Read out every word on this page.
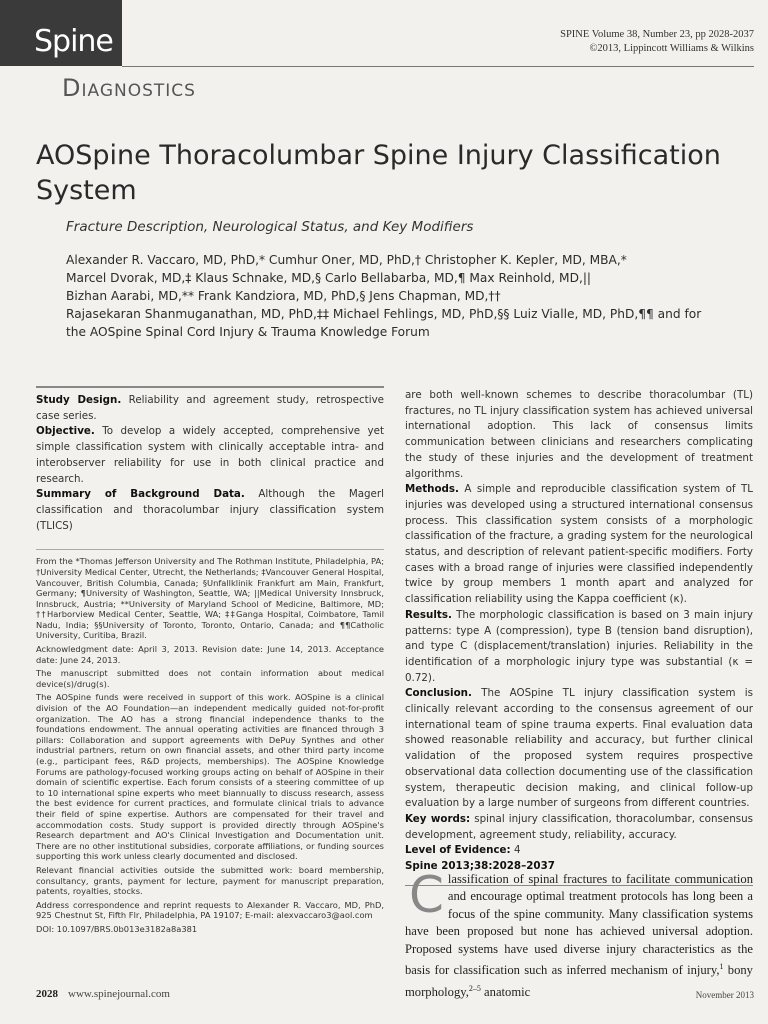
Spine	SPINE Volume 38, Number 23, pp 2028-2037
©2013, Lippincott Williams & Wilkins
DIAGNOSTICS
AOSpine Thoracolumbar Spine Injury Classification System
Fracture Description, Neurological Status, and Key Modifiers
Alexander R. Vaccaro, MD, PhD,* Cumhur Oner, MD, PhD,† Christopher K. Kepler, MD, MBA,*
Marcel Dvorak, MD,‡ Klaus Schnake, MD,§ Carlo Bellabarba, MD,¶ Max Reinhold, MD,||
Bizhan Aarabi, MD,** Frank Kandziora, MD, PhD,§ Jens Chapman, MD,††
Rajasekaran Shanmuganathan, MD, PhD,‡‡ Michael Fehlings, MD, PhD,§§ Luiz Vialle, MD, PhD,¶¶ and for
the AOSpine Spinal Cord Injury & Trauma Knowledge Forum

Study Design. Reliability and agreement study, retrospective case series.

Objective. To develop a widely accepted, comprehensive yet simple classification system with clinically acceptable intra- and interobserver reliability for use in both clinical practice and research.

Summary of Background Data. Although the Magerl classification and thoracolumbar injury classification system (TLICS)

From the *Thomas Jefferson University and The Rothman Institute, Philadelphia, PA; †University Medical Center, Utrecht, the Netherlands; ‡Vancouver General Hospital, Vancouver, British Columbia, Canada; §Unfallklinik Frankfurt am Main, Frankfurt, Germany; ¶University of Washington, Seattle, WA; ||Medical University Innsbruck, Innsbruck, Austria; **University of Maryland School of Medicine, Baltimore, MD; ††Harborview Medical Center, Seattle, WA; ‡‡Ganga Hospital, Coimbatore, Tamil Nadu, India; §§University of Toronto, Toronto, Ontario, Canada; and ¶¶Catholic University, Curitiba, Brazil.

Acknowledgment date: April 3, 2013. Revision date: June 14, 2013. Acceptance date: June 24, 2013.

The manuscript submitted does not contain information about medical device(s)/drug(s).

The AOSpine funds were received in support of this work. AOSpine is a clinical division of the AO Foundation—an independent medically guided not-for-profit organization. The AO has a strong financial independence thanks to the foundations endowment. The annual operating activities are financed through 3 pillars: Collaboration and support agreements with DePuy Synthes and other industrial partners, return on own financial assets, and other third party income (e.g., participant fees, R&D projects, memberships). The AOSpine Knowledge Forums are pathology-focused working groups acting on behalf of AOSpine in their domain of scientific expertise. Each forum consists of a steering committee of up to 10 international spine experts who meet biannually to discuss research, assess the best evidence for current practices, and formulate clinical trials to advance their field of spine expertise. Authors are compensated for their travel and accommodation costs. Study support is provided directly through AOSpine's Research department and AO's Clinical Investigation and Documentation unit. There are no other institutional subsidies, corporate affiliations, or funding sources supporting this work unless clearly documented and disclosed.

Relevant financial activities outside the submitted work: board membership, consultancy, grants, payment for lecture, payment for manuscript preparation, patents, royalties, stocks.

Address correspondence and reprint requests to Alexander R. Vaccaro, MD, PhD, 925 Chestnut St, Fifth Flr, Philadelphia, PA 19107; E-mail: alexvaccaro3@aol.com

DOI: 10.1097/BRS.0b013e3182a8a381

are both well-known schemes to describe thoracolumbar (TL) fractures, no TL injury classification system has achieved universal international adoption. This lack of consensus limits communication between clinicians and researchers complicating the study of these injuries and the development of treatment algorithms.

Methods. A simple and reproducible classification system of TL injuries was developed using a structured international consensus process. This classification system consists of a morphologic classification of the fracture, a grading system for the neurological status, and description of relevant patient-specific modifiers. Forty cases with a broad range of injuries were classified independently twice by group members 1 month apart and analyzed for classification reliability using the Kappa coefficient (κ).

Results. The morphologic classification is based on 3 main injury patterns: type A (compression), type B (tension band disruption), and type C (displacement/translation) injuries. Reliability in the identification of a morphologic injury type was substantial (κ = 0.72).

Conclusion. The AOSpine TL injury classification system is clinically relevant according to the consensus agreement of our international team of spine trauma experts. Final evaluation data showed reasonable reliability and accuracy, but further clinical validation of the proposed system requires prospective observational data collection documenting use of the classification system, therapeutic decision making, and clinical follow-up evaluation by a large number of surgeons from different countries.

Key words: spinal injury classification, thoracolumbar, consensus development, agreement study, reliability, accuracy.

Level of Evidence: 4

Spine 2013;38:2028–2037

Classification of spinal fractures to facilitate communication and encourage optimal treatment protocols has long been a focus of the spine community. Many classification systems have been proposed but none has achieved universal adoption. Proposed systems have used diverse injury characteristics as the basis for classification such as inferred mechanism of injury,$^1$ bony morphology,$^{2-5}$ anatomic
2028 www.spinejournal.com	November 2013
